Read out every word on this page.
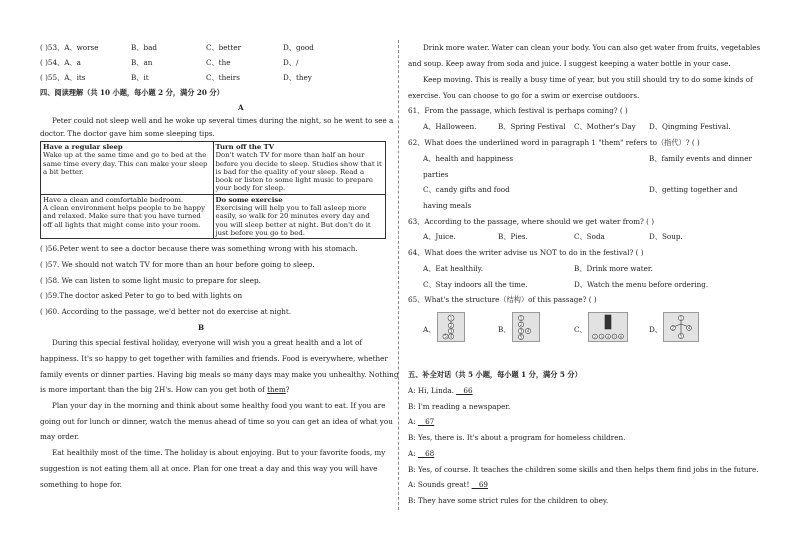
( )53、A、worse	B、bad	C、better	D、good
( )54、A、a	B、an	C、the	D、/
( )55、A、its	B、it	C、theirs	D、they
四、阅读理解（共 10 小题，每小题 2 分，满分 20 分）
A
Peter could not sleep well and he woke up several times during the night, so he went to see a
doctor. The doctor gave him some sleeping tips.
Have a regular sleep
Wake up at the same time and go to bed at the same time every day. This can make your sleep a bit better.	Turn off the TV
Don't watch TV for more than half an hour before you decide to sleep. Studies show that it is bad for the quality of your sleep. Read a book or listen to some light music to prepare your body for sleep.

Have a clean and comfortable bedroom.
A clean environment helps people to be happy and relaxed. Make sure that you have turned off all lights that might come into your room.	Do some exercise
Exercising will help you to fall asleep more easily, so walk for 20 minutes every day and you will sleep better at night. But don't do it just before you go to bed.
( )56.Peter went to see a doctor because there was something wrong with his stomach.
( )57. We should not watch TV for more than an hour before going to sleep.
( )58. We can listen to some light music to prepare for sleep.
( )59.The doctor asked Peter to go to bed with lights on
( )60. According to the passage, we'd better not do exercise at night.
B
During this special festival holiday, everyone will wish you a great health and a lot of
happiness. It's so happy to get together with families and friends. Food is everywhere, whether
family events or dinner parties. Having big meals so many days may make you unhealthy. Nothing
is more important than the big 2H's. How can you get both of them?
Plan your day in the morning and think about some healthy food you want to eat. If you are
going out for lunch or dinner, watch the menus ahead of time so you can get an idea of what you
may order.
Eat healthily most of the time. The holiday is about enjoying. But to your favorite foods, my
suggestion is not eating them all at once. Plan for one treat a day and this way you will have
something to hope for.
Drink more water. Water can clean your body. You can also get water from fruits, vegetables
and soup. Keep away from soda and juice. I suggest keeping a water bottle in your case.
Keep moving. This is really a busy time of year, but you still should try to do some kinds of
exercise. You can choose to go for a swim or exercise outdoors.
61、From the passage, which festival is perhaps coming? ( )
A、Halloween.	B、Spring Festival C、Mother's Day D、Qingming Festival.
62、What does the underlined word in paragraph 1 "them" refers to（指代）? ( )
A、health and happiness	B、family events and dinner
parties
C、candy gifts and food	D、getting together and
having meals
63、According to the passage, where should we get water from? ( )
A、Juice.	B、Pies.	C、Soda	D、Soup.
64、What does the writer advise us NOT to do in the festival? ( )
A、Eat healthily.	B、Drink more water.
C、Stay indoors all the time.	D、Watch the menu before ordering.
65、What's the structure（结构）of this passage? ( )
A、
1
2
3
4
5
B、
1
2
3 4
5
C、
2 3 4 5 6
D、
1
2	4
5
五、补全对话（共 5 小题，每小题 1 分，满分 5 分）
A: Hi, Linda. __66
B: I'm reading a newspaper.
A: __67
B: Yes, there is. It's about a program for homeless children.
A: __68
B: Yes, of course. It teaches the children some skills and then helps them find jobs in the future.
A: Sounds great! __69
B: They have some strict rules for the children to obey.
